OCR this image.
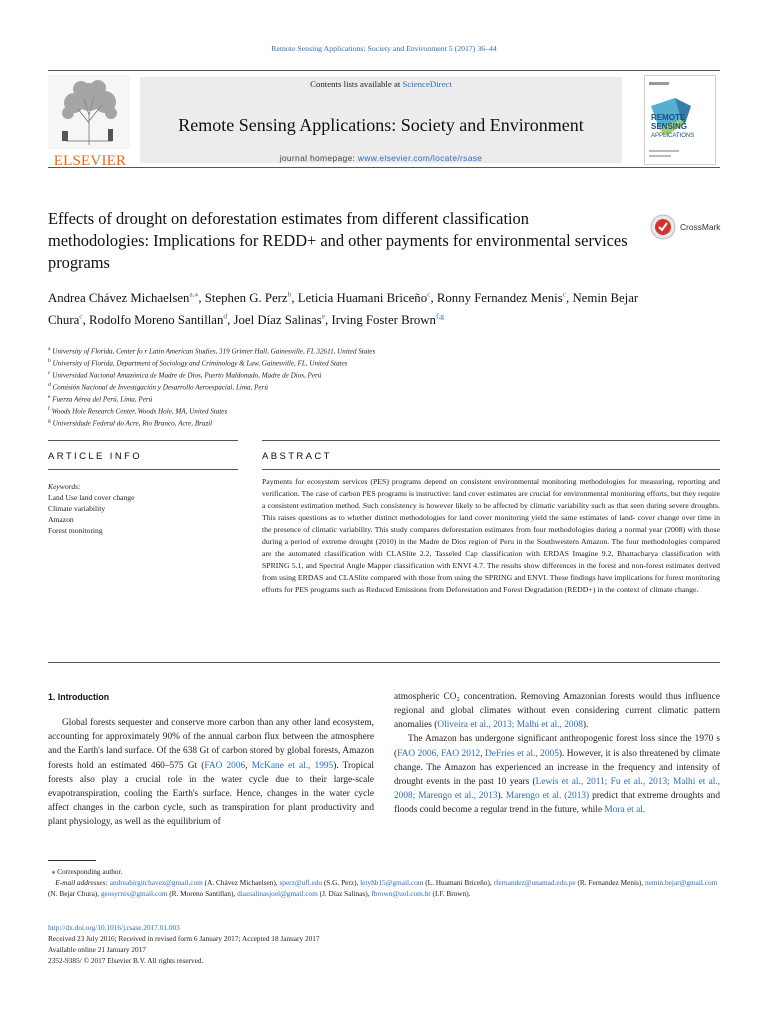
Remote Sensing Applications: Society and Environment 5 (2017) 36–44
ELSEVIER
Contents lists available at ScienceDirect
Remote Sensing Applications: Society and Environment
journal homepage: www.elsevier.com/locate/rsase
REMOTE
SENSING
APPLICATIONS
Effects of drought on deforestation estimates from different classification methodologies: Implications for REDD+ and other payments for environmental services programs
CrossMark
Andrea Chávez Michaelsen$^{a,⁎}$, Stephen G. Perz$^b$, Leticia Huamani Briceño$^c$, Ronny Fernandez Menis$^c$, Nemin Bejar Chura$^c$, Rodolfo Moreno Santillan$^d$, Joel Díaz Salinas$^e$, Irving Foster Brown$^{f,g}$
$^a$ University of Florida, Center fo r Latin American Studies, 319 Grinter Hall, Gainesville, FL 32611, United States
$^b$ University of Florida, Department of Sociology and Criminology & Law, Gainesville, FL, United States
$^c$ Universidad Nacional Amazónica de Madre de Dios, Puerto Maldonado, Madre de Dios, Perú
$^d$ Comisión Nacional de Investigación y Desarrollo Aeroespacial, Lima, Perú
$^e$ Fuerza Aérea del Perú, Lima, Perú
$^f$ Woods Hole Research Center, Woods Hole, MA, United States
$^g$ Universidade Federal do Acre, Rio Branco, Acre, Brazil
ARTICLE INFO	ABSTRACT
Keywords:
Land Use land cover change
Climate variability
Amazon
Forest monitoring
Payments for ecosystem services (PES) programs depend on consistent environmental monitoring methodologies for measuring, reporting and verification. The case of carbon PES programs is instructive: land cover estimates are crucial for environmental monitoring efforts, but they require a consistent estimation method. Such consistency is however likely to be affected by climatic variability such as that seen during severe droughts. This raises questions as to whether distinct methodologies for land cover monitoring yield the same estimates of land- cover change over time in the presence of climatic variability. This study compares deforestation estimates from four methodologies during a normal year (2008) with those during a period of extreme drought (2010) in the Madre de Dios region of Peru in the Southwestern Amazon. The four methodologies compared are the automated classification with CLASlite 2.2, Tasseled Cap classification with ERDAS Imagine 9.2, Bhattacharya classification with SPRING 5.1, and Spectral Angle Mapper classification with ENVI 4.7. The results show differences in the forest and non-forest estimates derived from using ERDAS and CLASlite compared with those from using the SPRING and ENVI. These findings have implications for forest monitoring efforts for PES programs such as Reduced Emissions from Deforestation and Forest Degradation (REDD+) in the context of climate change.
1. Introduction

Global forests sequester and conserve more carbon than any other land ecosystem, accounting for approximately 90% of the annual carbon flux between the atmosphere and the Earth's land surface. Of the 638 Gt of carbon stored by global forests, Amazon forests hold an estimated 460–575 Gt (FAO 2006, McKane et al., 1995). Tropical forests also play a crucial role in the water cycle due to their large-scale evapotranspiration, cooling the Earth's surface. Hence, changes in the water cycle affect changes in the carbon cycle, such as transpiration for plant productivity and plant physiology, as well as the equilibrium of

atmospheric CO₂ concentration. Removing Amazonian forests would thus influence regional and global climates without even considering current climatic pattern anomalies (Oliveira et al., 2013; Malhi et al., 2008).

The Amazon has undergone significant anthropogenic forest loss since the 1970 s (FAO 2006, FAO 2012, DeFries et al., 2005). However, it is also threatened by climate change. The Amazon has experienced an increase in the frequency and intensity of drought events in the past 10 years (Lewis et al., 2011; Fu et al., 2013; Malhi et al., 2008; Marengo et al., 2013). Marengo et al. (2013) predict that extreme droughts and floods could become a regular trend in the future, while Mora et al.

⁎ Corresponding author.
E-mail addresses: andreabirgitchavez@gmail.com (A. Chávez Michaelsen), sperz@ufl.edu (S.G. Perz), letyhb15@gmail.com (L. Huamani Briceño), rfernandez@unamad.edu.pe (R. Fernandez Menis), nemin.bejar@gmail.com (N. Bejar Chura), geosyrnix@gmail.com (R. Moreno Santillan), diazsalinasjoel@gmail.com (J. Díaz Salinas), fbrown@uol.com.br (I.F. Brown).
http://dx.doi.org/10.1016/j.rsase.2017.01.003
Received 23 July 2016; Received in revised form 6 January 2017; Accepted 18 January 2017
Available online 21 January 2017
2352-9385/ © 2017 Elsevier B.V. All rights reserved.
